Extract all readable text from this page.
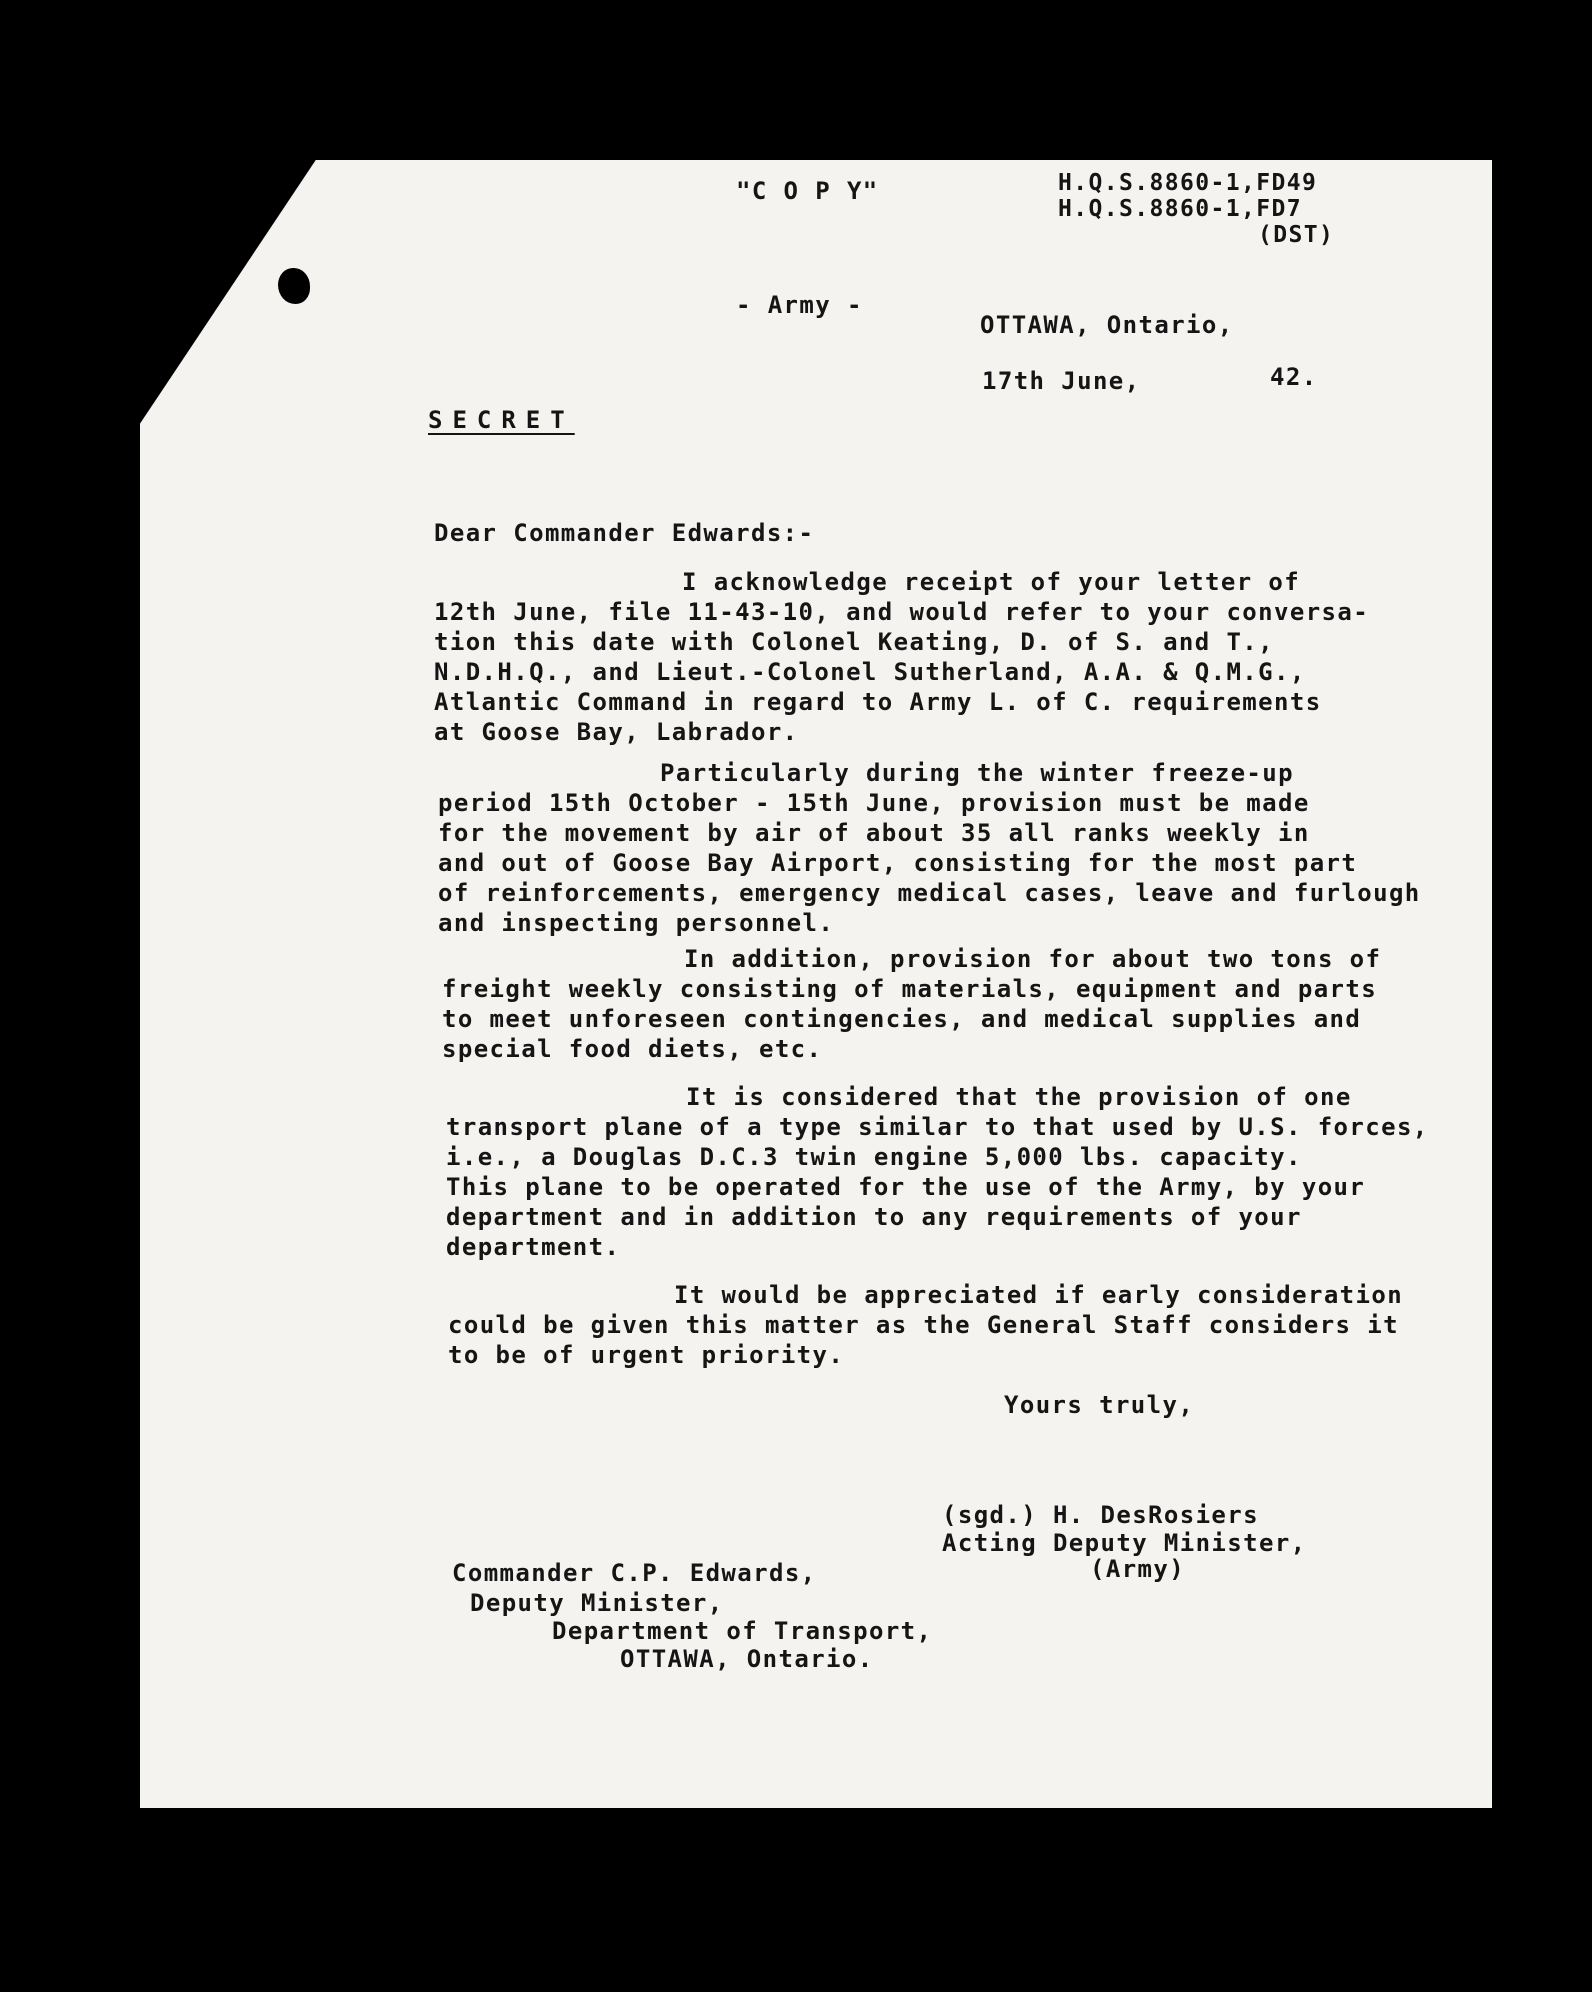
"C O P Y"	H.Q.S.8860-1,FD49
H.Q.S.8860-1,FD7
(DST)
- Army -
OTTAWA, Ontario,
17th June,	42.
SECRET
Dear Commander Edwards:-
I acknowledge receipt of your letter of
12th June, file 11-43-10, and would refer to your conversa-
tion this date with Colonel Keating, D. of S. and T.,
N.D.H.Q., and Lieut.-Colonel Sutherland, A.A. & Q.M.G.,
Atlantic Command in regard to Army L. of C. requirements
at Goose Bay, Labrador.
Particularly during the winter freeze-up
period 15th October - 15th June, provision must be made
for the movement by air of about 35 all ranks weekly in
and out of Goose Bay Airport, consisting for the most part
of reinforcements, emergency medical cases, leave and furlough
and inspecting personnel.
In addition, provision for about two tons of
freight weekly consisting of materials, equipment and parts
to meet unforeseen contingencies, and medical supplies and
special food diets, etc.
It is considered that the provision of one
transport plane of a type similar to that used by U.S. forces,
i.e., a Douglas D.C.3 twin engine 5,000 lbs. capacity.
This plane to be operated for the use of the Army, by your
department and in addition to any requirements of your
department.
It would be appreciated if early consideration
could be given this matter as the General Staff considers it
to be of urgent priority.
Yours truly,
(sgd.) H. DesRosiers
Acting Deputy Minister,
(Army)
Commander C.P. Edwards,
Deputy Minister,
Department of Transport,
OTTAWA, Ontario.
